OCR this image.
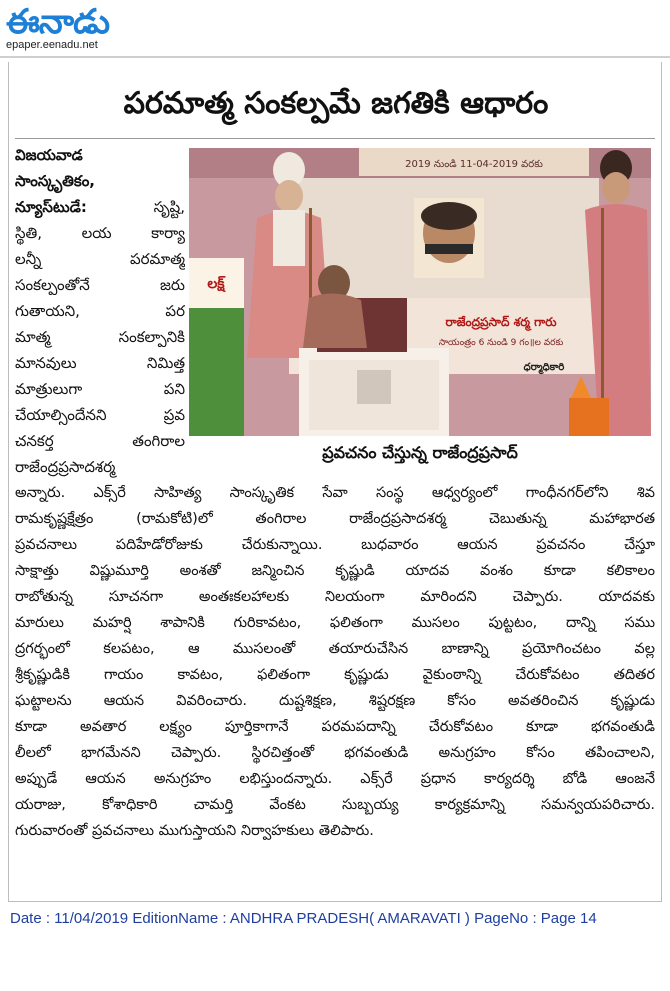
ఈనాడు
epaper.eenadu.net
పరమాత్మ సంకల్పమే జగతికి ఆధారం
విజయవాడ
సాంస్కృతికం,
న్యూస్‌టుడే: సృష్టి,
స్థితి, లయ కార్యా
లన్నీ పరమాత్మ
సంకల్పంతోనే జరు
గుతాయని, పర
మాత్మ సంకల్పానికి
మానవులు నిమిత్త
మాత్రులుగా పని
చేయాల్సిందేనని ప్రవ
చనకర్త తంగిరాల
రాజేంద్రప్రసాదశర్మ
2019 నుండి 11-04-2019 వరకు
రాజేంద్రప్రసాద్ శర్మ గారు
సాయంత్రం 6 నుండి 9 గం॥ల వరకు
ధర్మాధికారి
లక్ష్
ప్రవచనం చేస్తున్న రాజేంద్రప్రసాద్
అన్నారు. ఎక్స్‌రే సాహిత్య సాంస్కృతిక సేవా సంస్థ ఆధ్వర్యంలో గాంధీనగర్‌లోని శివ
రామకృష్ణక్షేత్రం (రామకోటి)లో తంగిరాల రాజేంద్రప్రసాదశర్మ చెబుతున్న మహాభారత
ప్రవచనాలు పదిహేడోరోజుకు చేరుకున్నాయి. బుధవారం ఆయన ప్రవచనం చేస్తూ
సాక్షాత్తు విష్ణుమూర్తి అంశతో జన్మించిన కృష్ణుడి యాదవ వంశం కూడా కలికాలం
రాబోతున్న సూచనగా అంతఃకలహాలకు నిలయంగా మారిందని చెప్పారు. యాదవకు
మారులు మహర్షి శాపానికి గురికావటం, ఫలితంగా ముసలం పుట్టటం, దాన్ని సము
ద్రగర్భంలో కలపటం, ఆ ముసలంతో తయారుచేసిన బాణాన్ని ప్రయోగించటం వల్ల
శ్రీకృష్ణుడికి గాయం కావటం, ఫలితంగా కృష్ణుడు వైకుంఠాన్ని చేరుకోవటం తదితర
ఘట్టాలను ఆయన వివరించారు. దుష్టశిక్షణ, శిష్టరక్షణ కోసం అవతరించిన కృష్ణుడు
కూడా అవతార లక్ష్యం పూర్తికాగానే పరమపదాన్ని చేరుకోవటం కూడా భగవంతుడి
లీలలో భాగమేనని చెప్పారు. స్థిరచిత్తంతో భగవంతుడి అనుగ్రహం కోసం తపించాలని,
అప్పుడే ఆయన అనుగ్రహం లభిస్తుందన్నారు. ఎక్స్‌రే ప్రధాన కార్యదర్శి బోడి ఆంజనే
యరాజు, కోశాధికారి చామర్తి వేంకట సుబ్బయ్య కార్యక్రమాన్ని సమన్వయపరిచారు.
గురువారంతో ప్రవచనాలు ముగుస్తాయని నిర్వాహకులు తెలిపారు.
Date : 11/04/2019 EditionName : ANDHRA PRADESH( AMARAVATI ) PageNo : Page 14
